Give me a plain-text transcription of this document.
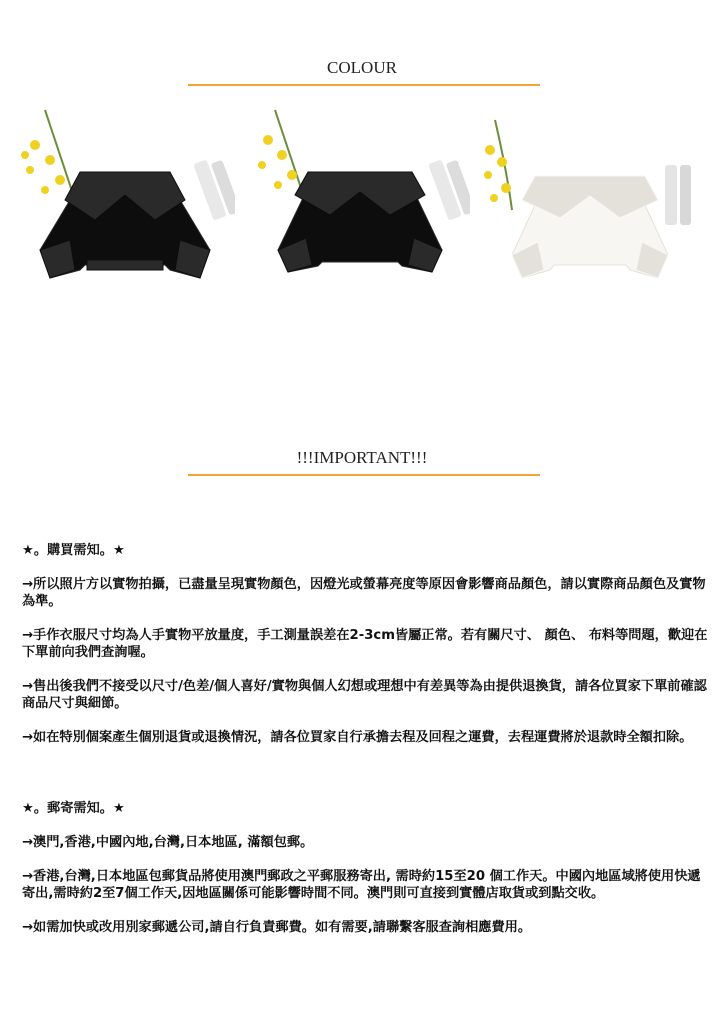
COLOUR
!!!IMPORTANT!!!

★。購買需知。★

→所以照片方以實物拍攝，已盡量呈現實物顏色，因燈光或螢幕亮度等原因會影響商品顏色，請以實際商品顏色及實物為準。

→手作衣服尺寸均為人手實物平放量度，手工測量誤差在2-3cm皆屬正常。若有關尺寸、 顏色、 布料等問題，歡迎在下單前向我們查詢喔。

→售出後我們不接受以尺寸/色差/個人喜好/實物與個人幻想或理想中有差異等為由提供退換貨，請各位買家下單前確認商品尺寸與細節。

→如在特別個案產生個別退貨或退換情況，請各位買家自行承擔去程及回程之運費，去程運費將於退款時全額扣除。

★。郵寄需知。★

→澳門,香港,中國內地,台灣,日本地區, 滿額包郵。

→香港,台灣,日本地區包郵貨品將使用澳門郵政之平郵服務寄出, 需時約15至20 個工作天。中國內地區域將使用快遞寄出,需時約2至7個工作天,因地區關係可能影響時間不同。澳門則可直接到實體店取貨或到點交收。

→如需加快或改用別家郵遞公司,請自行負責郵費。如有需要,請聯繫客服查詢相應費用。
